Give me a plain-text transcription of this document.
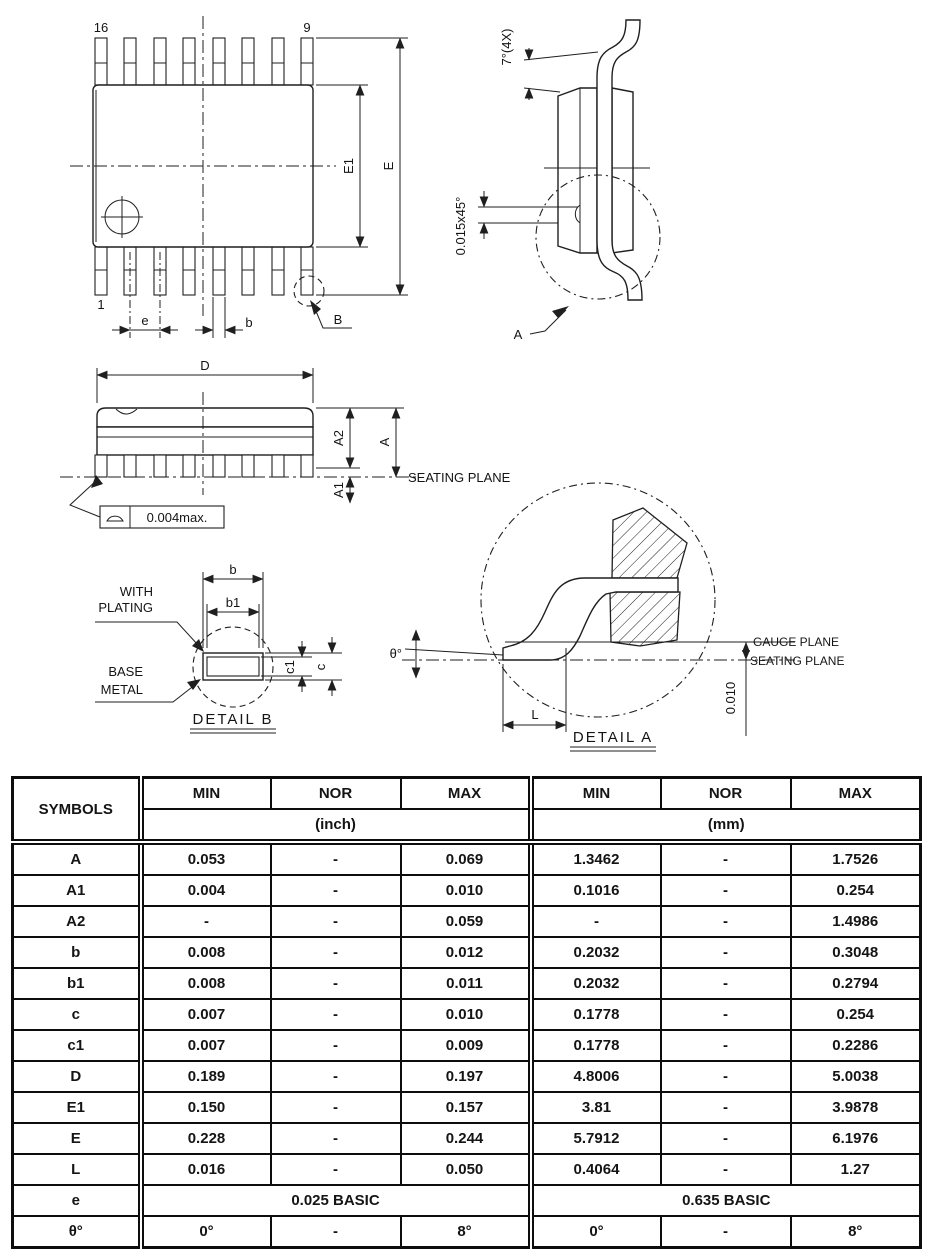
16	9
1
E1 E
e	b	B
7°(4X)
0.015x45°
A
D
A2 A
A1
SEATING PLANE
0.004max.
b
b1
c1 c
WITH
PLATING
BASE
METAL
DETAIL B
θ°
L
0.010
GAUGE PLANE
SEATING PLANE
DETAIL A
SYMBOLS	MIN	NOR	MAX	MIN	NOR	MAX
	(inch)			(mm)		
A	0.053	-	0.069	1.3462	-	1.7526
A1	0.004	-	0.010	0.1016	-	0.254
A2	-	-	0.059	-	-	1.4986
b	0.008	-	0.012	0.2032	-	0.3048
b1	0.008	-	0.011	0.2032	-	0.2794
c	0.007	-	0.010	0.1778	-	0.254
c1	0.007	-	0.009	0.1778	-	0.2286
D	0.189	-	0.197	4.8006	-	5.0038
E1	0.150	-	0.157	3.81	-	3.9878
E	0.228	-	0.244	5.7912	-	6.1976
L	0.016	-	0.050	0.4064	-	1.27
e	0.025 BASIC			0.635 BASIC		
θ°	0°	-	8°	0°	-	8°
